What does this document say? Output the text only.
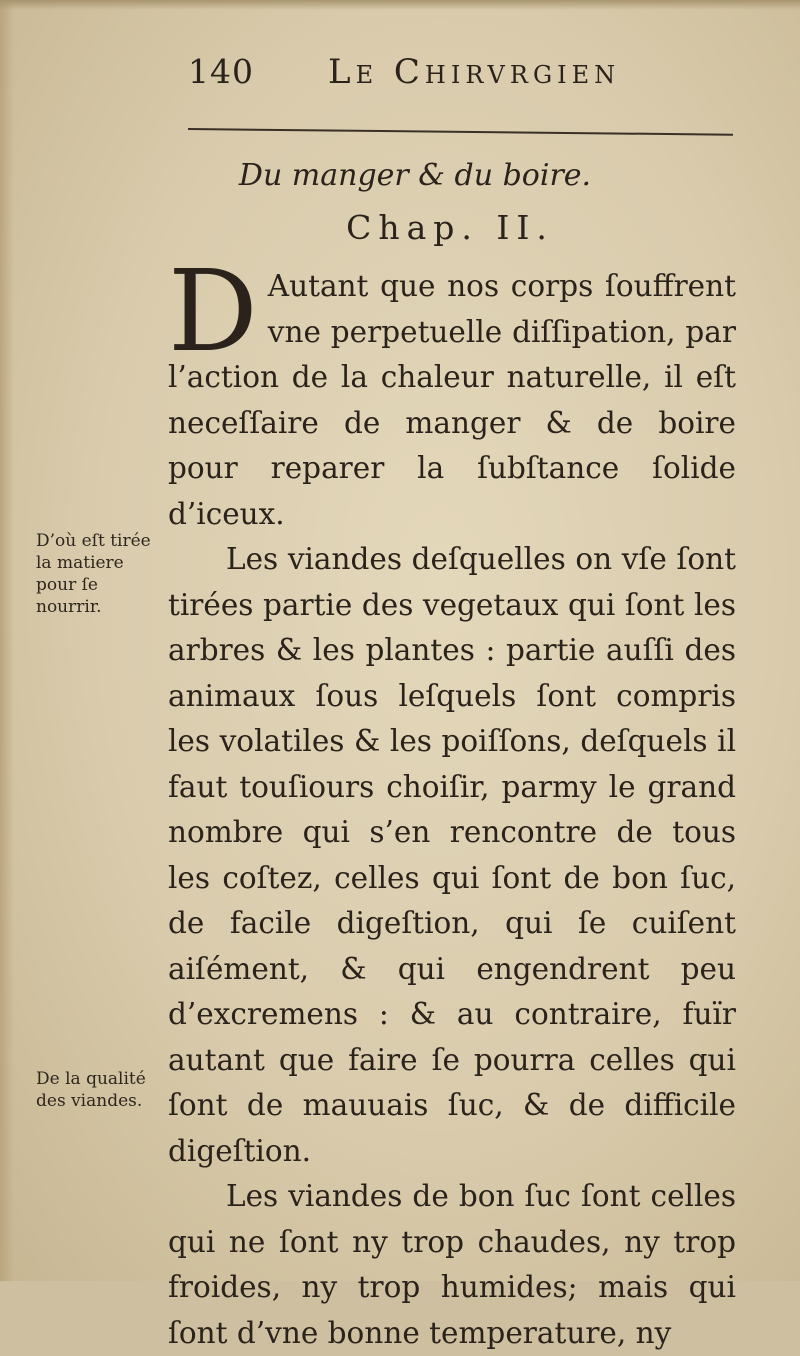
140 Le Chirvrgien
Du manger & du boire.
Chap. II.

D Autant que nos corps ſouffrent vne perpetuelle diſſipation, par l’action de la chaleur naturelle, il eſt neceſſaire de manger & de boire pour reparer la ſubſtance ſolide d’iceux.

Les viandes deſquelles on vſe ſont tirées partie des vegetaux qui ſont les arbres & les plantes : partie auſſi des animaux ſous leſquels ſont compris les volatiles & les poiſſons, deſquels il faut touſiours choiſir, parmy le grand nombre qui s’en rencontre de tous les coſtez, celles qui ſont de bon ſuc, de facile digeſtion, qui ſe cuiſent aiſément, & qui engendrent peu d’excremens : & au contraire, fuïr autant que faire ſe pourra celles qui ſont de mauuais ſuc, & de difficile digeſtion.

Les viandes de bon ſuc ſont celles qui ne ſont ny trop chaudes, ny trop froides, ny trop humides; mais qui ſont d’vne bonne temperature, ny

D’où eſt tirée la matiere pour ſe nourrir.
De la qualité des viandes.
